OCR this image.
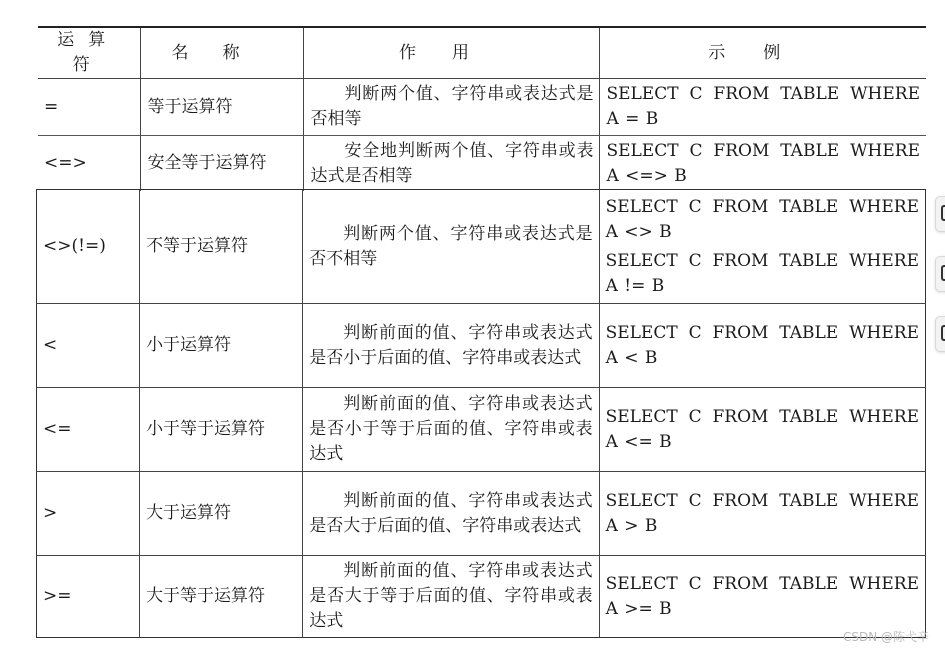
运算符	名称	作用	示例
=	等于运算符	判断两个值、字符串或表达式是否相等	SELECT C FROM TABLE WHERE A = B

<=>	安全等于运算符	安全地判断两个值、字符串或表达式是否相等	SELECT C FROM TABLE WHERE A <=> B
<>(!=)	不等于运算符	判断两个值、字符串或表达式是否不相等	SELECT C FROM TABLE WHERE A <> B
SELECT C FROM TABLE WHERE A != B

<	小于运算符	判断前面的值、字符串或表达式是否小于后面的值、字符串或表达式	SELECT C FROM TABLE WHERE A < B

<=	小于等于运算符	判断前面的值、字符串或表达式是否小于等于后面的值、字符串或表达式	SELECT C FROM TABLE WHERE A <= B

>	大于运算符	判断前面的值、字符串或表达式是否大于后面的值、字符串或表达式	SELECT C FROM TABLE WHERE A > B

>=	大于等于运算符	判断前面的值、字符串或表达式是否大于等于后面的值、字符串或表达式	SELECT C FROM TABLE WHERE A >= B
CSDN @陈弋辛
